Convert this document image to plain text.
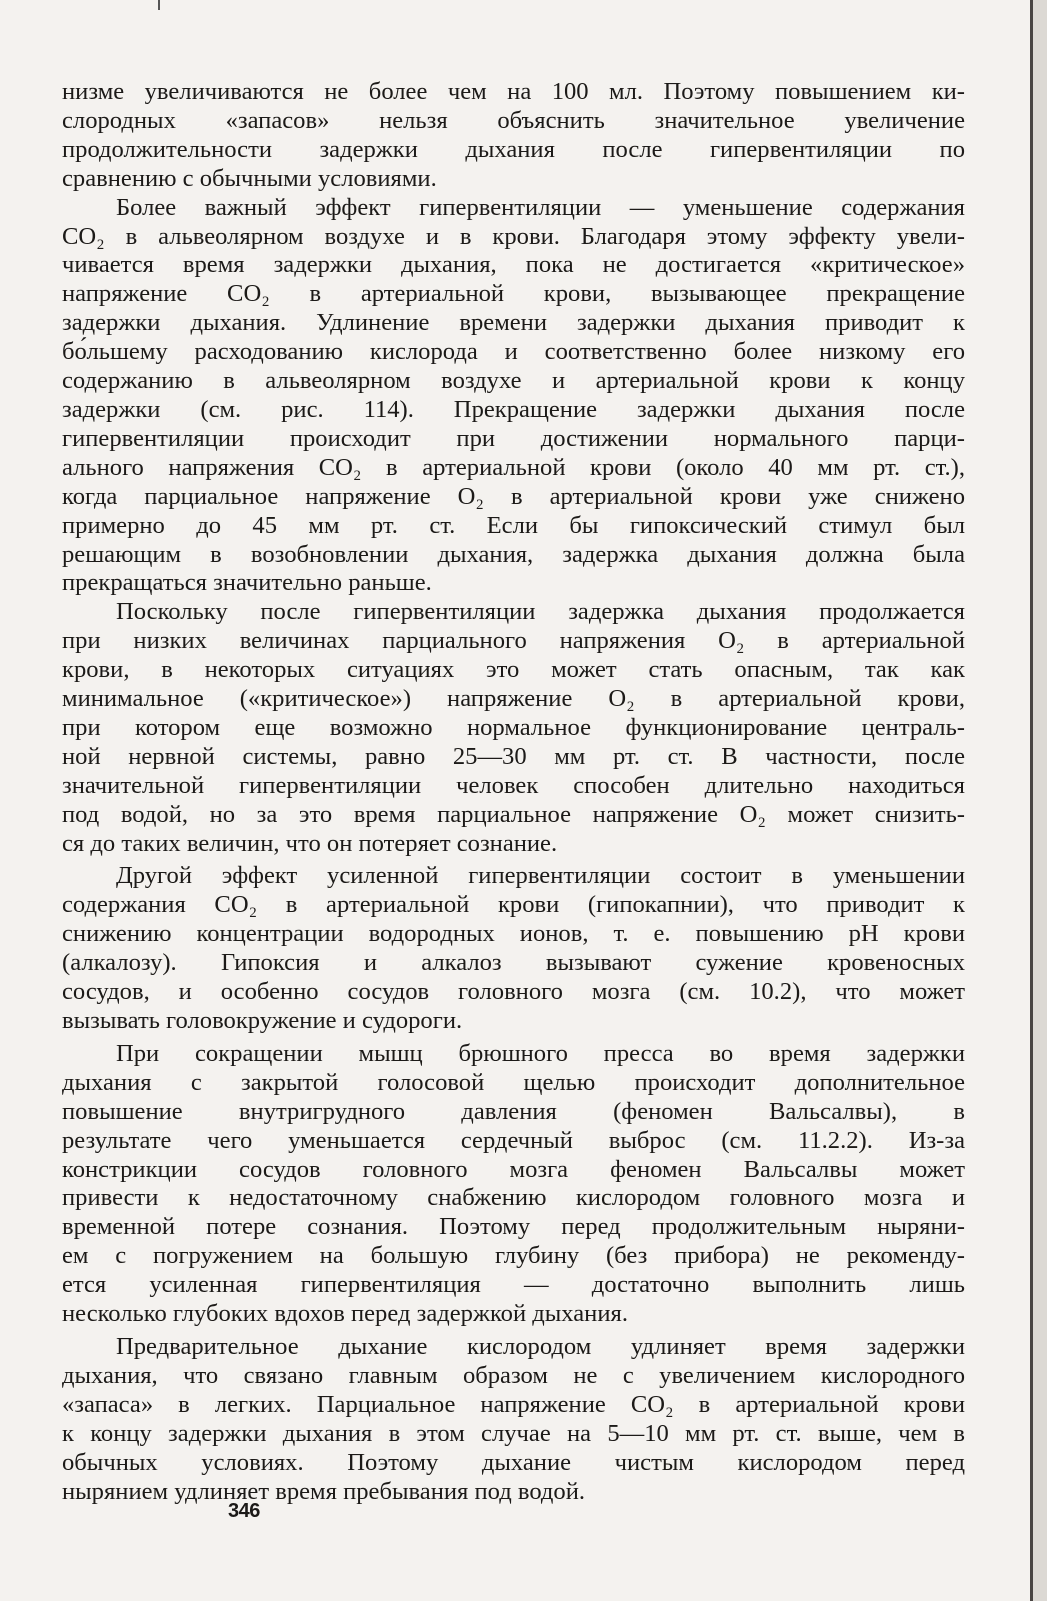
низме увеличиваются не более чем на 100 мл. Поэтому повышением ки-
слородных «запасов» нельзя объяснить значительное увеличение
продолжительности задержки дыхания после гипервентиляции по
сравнению с обычными условиями.
Более важный эффект гипервентиляции — уменьшение содержания
СО₂ в альвеолярном воздухе и в крови. Благодаря этому эффекту увели-
чивается время задержки дыхания, пока не достигается «критическое»
напряжение СО₂ в артериальной крови, вызывающее прекращение
задержки дыхания. Удлинение времени задержки дыхания приводит к
бо́льшему расходованию кислорода и соответственно более низкому его
содержанию в альвеолярном воздухе и артериальной крови к концу
задержки (см. рис. 114). Прекращение задержки дыхания после
гипервентиляции происходит при достижении нормального парци-
ального напряжения СО₂ в артериальной крови (около 40 мм рт. ст.),
когда парциальное напряжение О₂ в артериальной крови уже снижено
примерно до 45 мм рт. ст. Если бы гипоксический стимул был
решающим в возобновлении дыхания, задержка дыхания должна была
прекращаться значительно раньше.
Поскольку после гипервентиляции задержка дыхания продолжается
при низких величинах парциального напряжения О₂ в артериальной
крови, в некоторых ситуациях это может стать опасным, так как
минимальное («критическое») напряжение О₂ в артериальной крови,
при котором еще возможно нормальное функционирование централь-
ной нервной системы, равно 25—30 мм рт. ст. В частности, после
значительной гипервентиляции человек способен длительно находиться
под водой, но за это время парциальное напряжение О₂ может снизить-
ся до таких величин, что он потеряет сознание.
Другой эффект усиленной гипервентиляции состоит в уменьшении
содержания СО₂ в артериальной крови (гипокапнии), что приводит к
снижению концентрации водородных ионов, т. е. повышению рН крови
(алкалозу). Гипоксия и алкалоз вызывают сужение кровеносных
сосудов, и особенно сосудов головного мозга (см. 10.2), что может
вызывать головокружение и судороги.
При сокращении мышц брюшного пресса во время задержки
дыхания с закрытой голосовой щелью происходит дополнительное
повышение внутригрудного давления (феномен Вальсалвы), в
результате чего уменьшается сердечный выброс (см. 11.2.2). Из-за
констрикции сосудов головного мозга феномен Вальсалвы может
привести к недостаточному снабжению кислородом головного мозга и
временной потере сознания. Поэтому перед продолжительным ныряни-
ем с погружением на большую глубину (без прибора) не рекоменду-
ется усиленная гипервентиляция — достаточно выполнить лишь
несколько глубоких вдохов перед задержкой дыхания.
Предварительное дыхание кислородом удлиняет время задержки
дыхания, что связано главным образом не с увеличением кислородного
«запаса» в легких. Парциальное напряжение СО₂ в артериальной крови
к концу задержки дыхания в этом случае на 5—10 мм рт. ст. выше, чем в
обычных условиях. Поэтому дыхание чистым кислородом перед
нырянием удлиняет время пребывания под водой.
346
